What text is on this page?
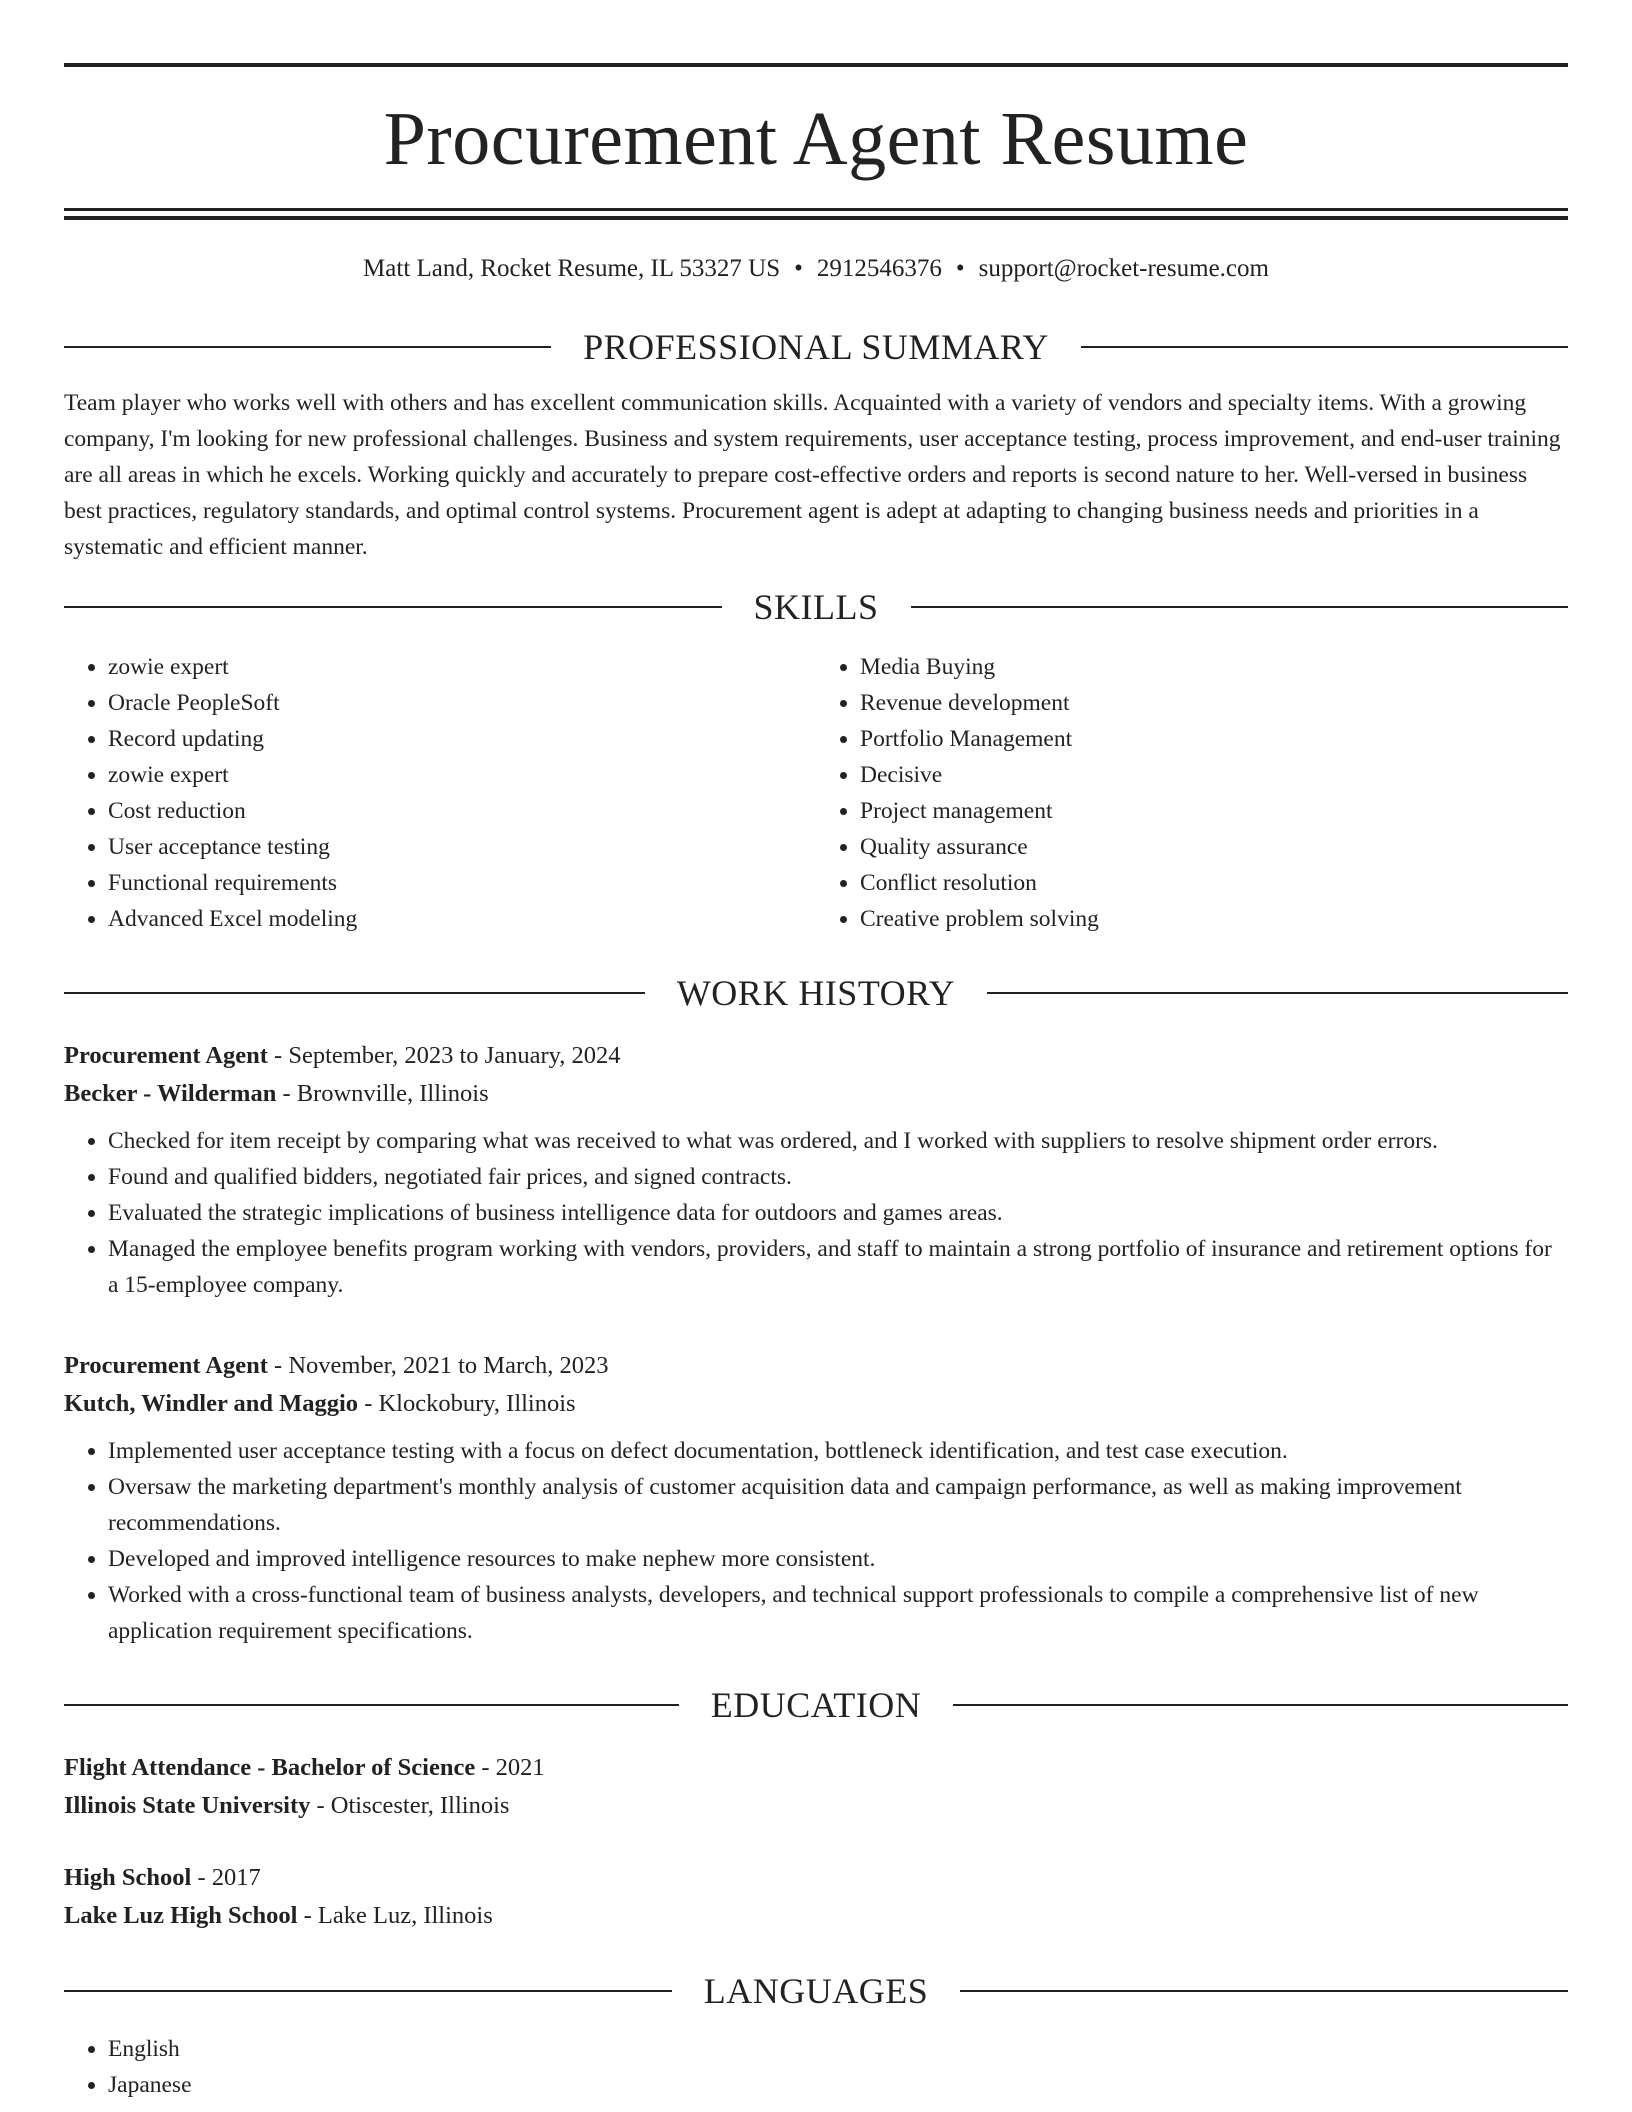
Procurement Agent Resume
Matt Land, Rocket Resume, IL 53327 US • 2912546376 • support@rocket-resume.com
PROFESSIONAL SUMMARY

Team player who works well with others and has excellent communication skills. Acquainted with a variety of vendors and specialty items. With a growing company, I'm looking for new professional challenges. Business and system requirements, user acceptance testing, process improvement, and end-user training are all areas in which he excels. Working quickly and accurately to prepare cost-effective orders and reports is second nature to her. Well-versed in business best practices, regulatory standards, and optimal control systems. Procurement agent is adept at adapting to changing business needs and priorities in a systematic and efficient manner.

SKILLS
• zowie expert
• Oracle PeopleSoft
• Record updating
• zowie expert
• Cost reduction
• User acceptance testing
• Functional requirements
• Advanced Excel modeling
• Media Buying
• Revenue development
• Portfolio Management
• Decisive
• Project management
• Quality assurance
• Conflict resolution
• Creative problem solving
WORK HISTORY
Procurement Agent - September, 2023 to January, 2024
Becker - Wilderman - Brownville, Illinois
• Checked for item receipt by comparing what was received to what was ordered, and I worked with suppliers to resolve shipment order errors.
• Found and qualified bidders, negotiated fair prices, and signed contracts.
• Evaluated the strategic implications of business intelligence data for outdoors and games areas.
• Managed the employee benefits program working with vendors, providers, and staff to maintain a strong portfolio of insurance and retirement options for a 15-employee company.
Procurement Agent - November, 2021 to March, 2023
Kutch, Windler and Maggio - Klockobury, Illinois
• Implemented user acceptance testing with a focus on defect documentation, bottleneck identification, and test case execution.
• Oversaw the marketing department's monthly analysis of customer acquisition data and campaign performance, as well as making improvement recommendations.
• Developed and improved intelligence resources to make nephew more consistent.
• Worked with a cross-functional team of business analysts, developers, and technical support professionals to compile a comprehensive list of new application requirement specifications.
EDUCATION
Flight Attendance - Bachelor of Science - 2021
Illinois State University - Otiscester, Illinois
High School - 2017
Lake Luz High School - Lake Luz, Illinois
LANGUAGES
• English
• Japanese
